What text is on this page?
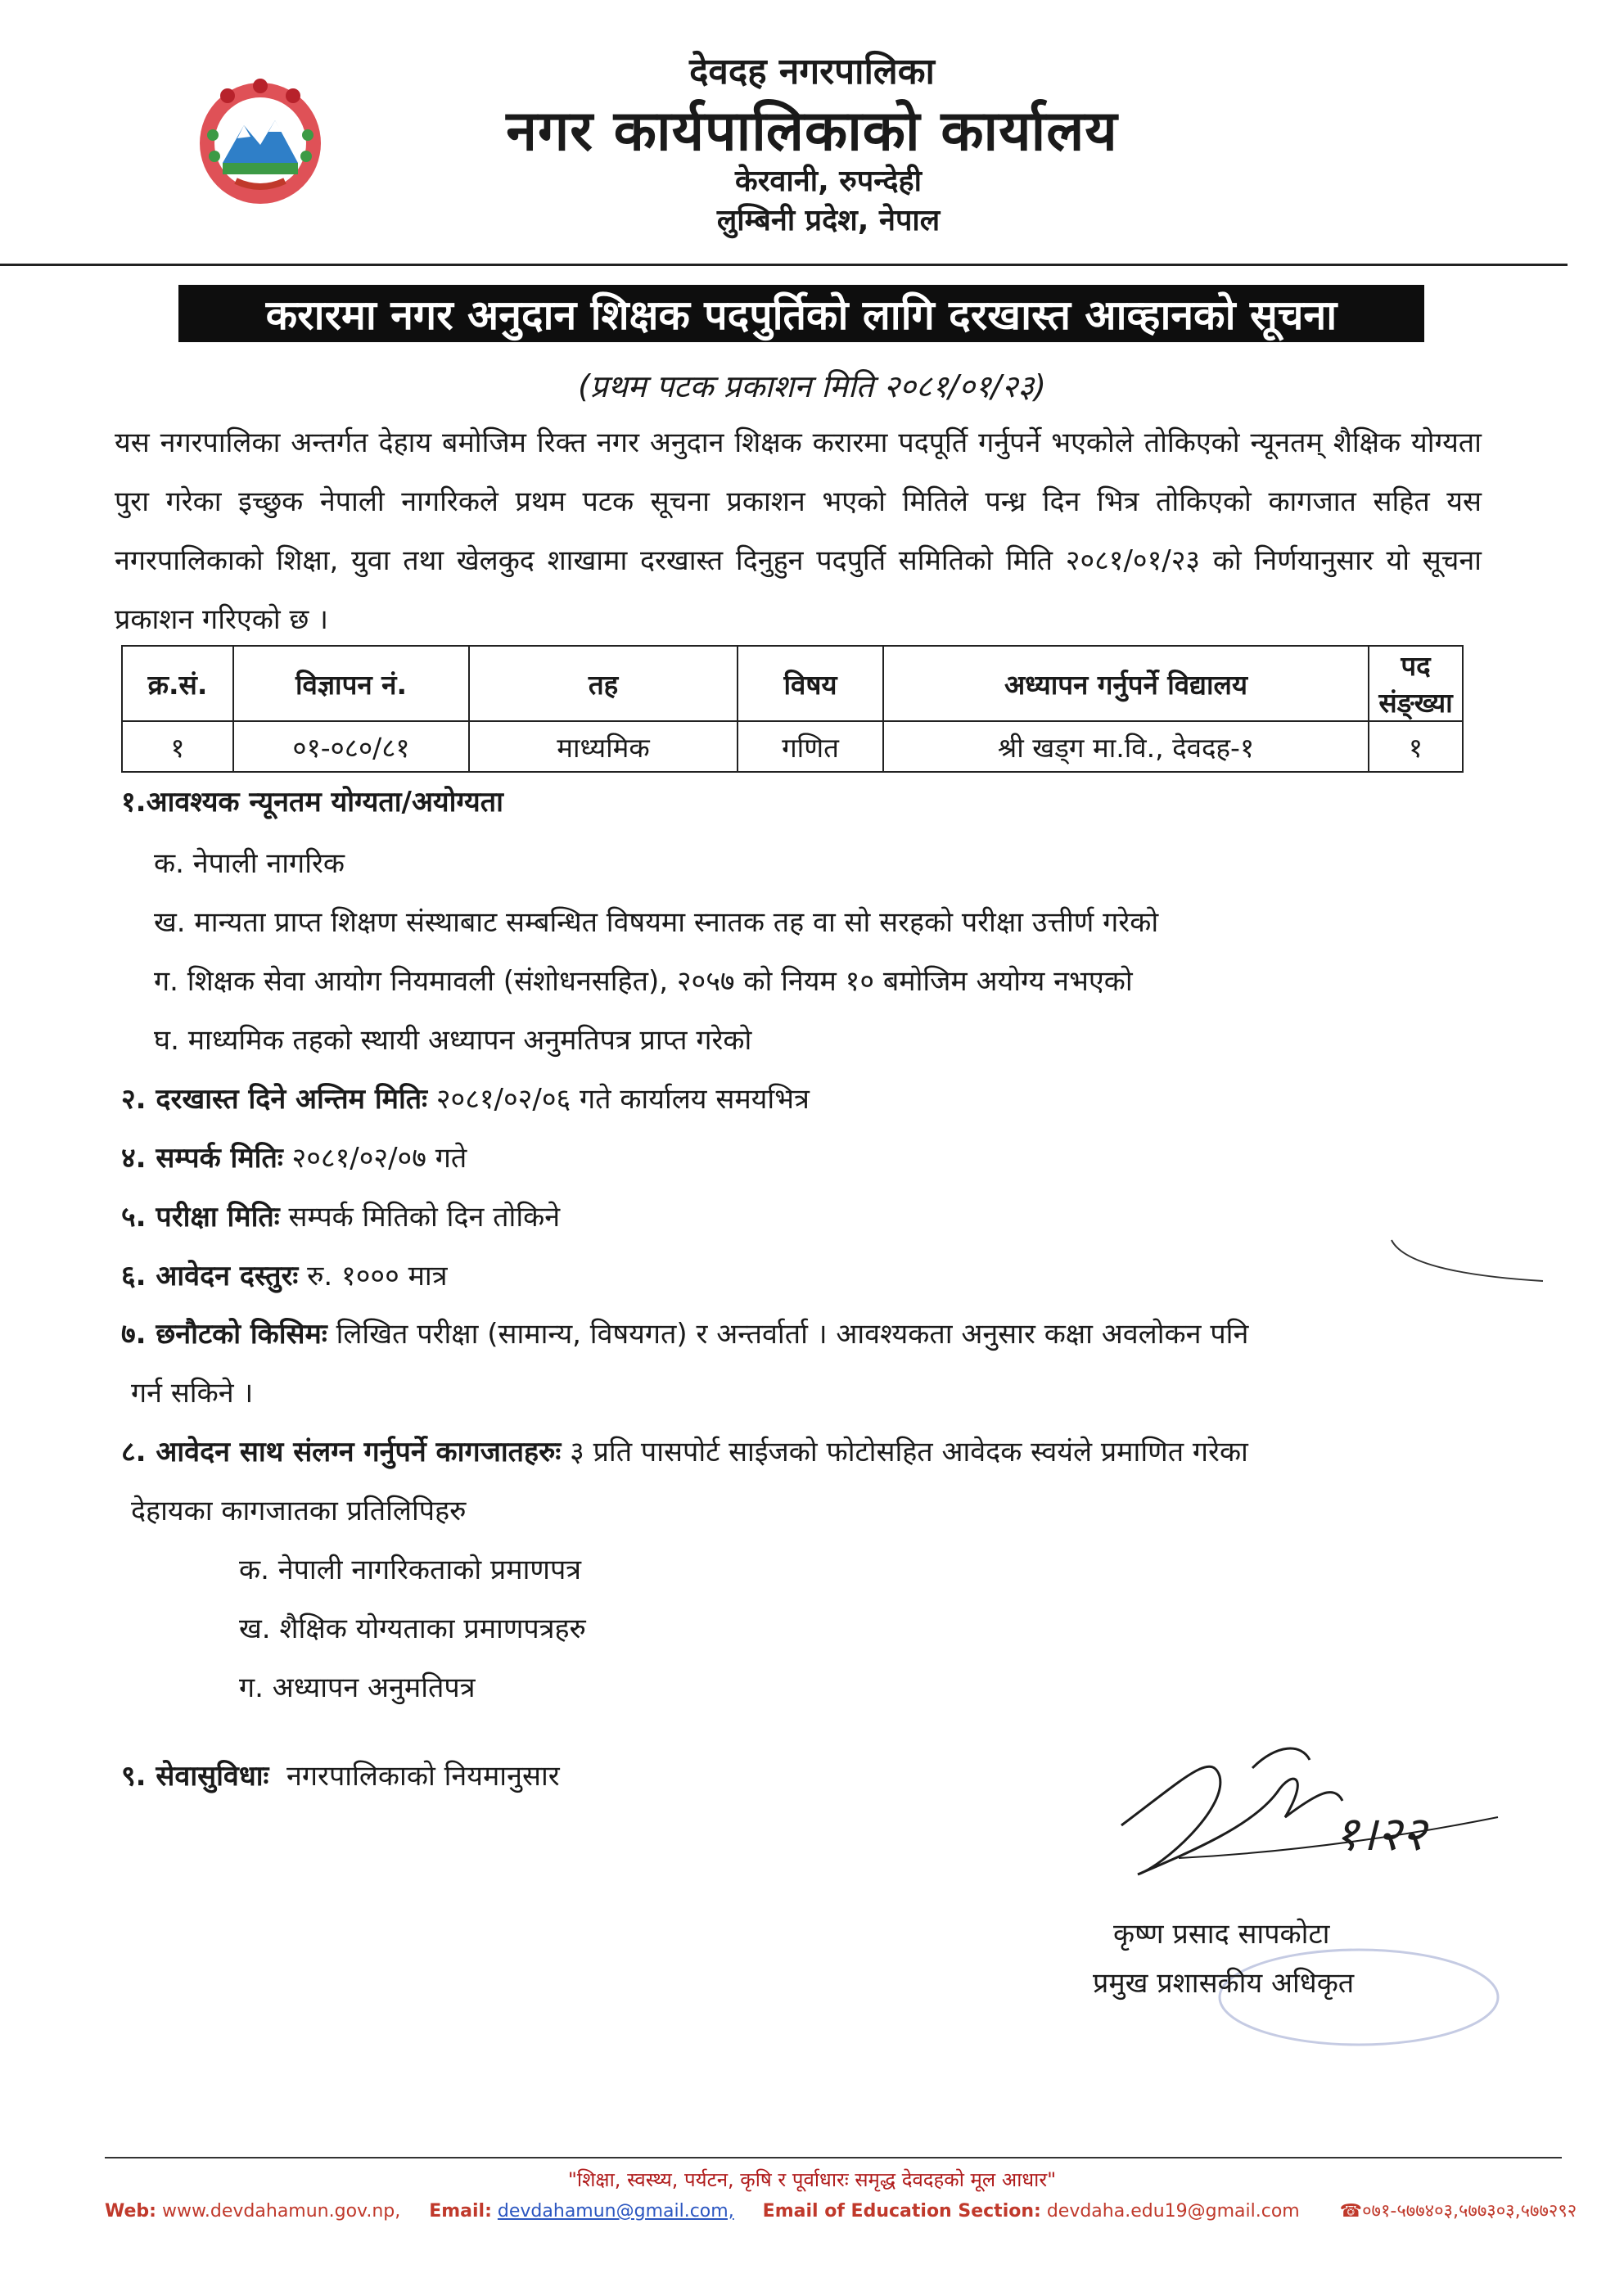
देवदह नगरपालिका
नगर कार्यपालिकाको कार्यालय
केरवानी, रुपन्देही
लुम्बिनी प्रदेश, नेपाल
करारमा नगर अनुदान शिक्षक पदपुर्तिको लागि दरखास्त आव्हानको सूचना
(प्रथम पटक प्रकाशन मिति २०८१/०१/२३)
यस नगरपालिका अन्तर्गत देहाय बमोजिम रिक्त नगर अनुदान शिक्षक करारमा पदपूर्ति गर्नुपर्ने भएकोले तोकिएको न्यूनतम् शैक्षिक योग्यता पुरा गरेका इच्छुक नेपाली नागरिकले प्रथम पटक सूचना प्रकाशन भएको मितिले पन्ध्र दिन भित्र तोकिएको कागजात सहित यस नगरपालिकाको शिक्षा, युवा तथा खेलकुद शाखामा दरखास्त दिनुहुन पदपुर्ति समितिको मिति २०८१/०१/२३ को निर्णयानुसार यो सूचना प्रकाशन गरिएको छ ।
क्र.सं.	विज्ञापन नं.	तह	विषय	अध्यापन गर्नुपर्ने विद्यालय	पद संङ्ख्या
१	०१-०८०/८१	माध्यमिक	गणित	श्री खड्ग मा.वि., देवदह-१	१
१.आवश्यक न्यूनतम योग्यता/अयोग्यता
क. नेपाली नागरिक
ख. मान्यता प्राप्त शिक्षण संस्थाबाट सम्बन्धित विषयमा स्नातक तह वा सो सरहको परीक्षा उत्तीर्ण गरेको
ग. शिक्षक सेवा आयोग नियमावली (संशोधनसहित), २०५७ को नियम १० बमोजिम अयोग्य नभएको
घ. माध्यमिक तहको स्थायी अध्यापन अनुमतिपत्र प्राप्त गरेको
२. दरखास्त दिने अन्तिम मितिः २०८१/०२/०६ गते कार्यालय समयभित्र
४. सम्पर्क मितिः २०८१/०२/०७ गते
५. परीक्षा मितिः सम्पर्क मितिको दिन तोकिने
६. आवेदन दस्तुरः रु. १००० मात्र
७. छनौटको किसिमः लिखित परीक्षा (सामान्य, विषयगत) र अन्तर्वार्ता । आवश्यकता अनुसार कक्षा अवलोकन पनि
गर्न सकिने ।
८. आवेदन साथ संलग्न गर्नुपर्ने कागजातहरुः ३ प्रति पासपोर्ट साईजको फोटोसहित आवेदक स्वयंले प्रमाणित गरेका
देहायका कागजातका प्रतिलिपिहरु
क. नेपाली नागरिकताको प्रमाणपत्र
ख. शैक्षिक योग्यताका प्रमाणपत्रहरु
ग. अध्यापन अनुमतिपत्र
९. सेवासुविधाः नगरपालिकाको नियमानुसार
१।२२
कृष्ण प्रसाद सापकोटा
प्रमुख प्रशासकीय अधिकृत
"शिक्षा, स्वस्थ्य, पर्यटन, कृषि र पूर्वाधारः समृद्ध देवदहको मूल आधार"
Web: www.devdahamun.gov.np, Email: devdahamun@gmail.com, Email of Education Section: devdaha.edu19@gmail.com ☎०७१-५७७४०३,५७७३०३,५७७२९२
